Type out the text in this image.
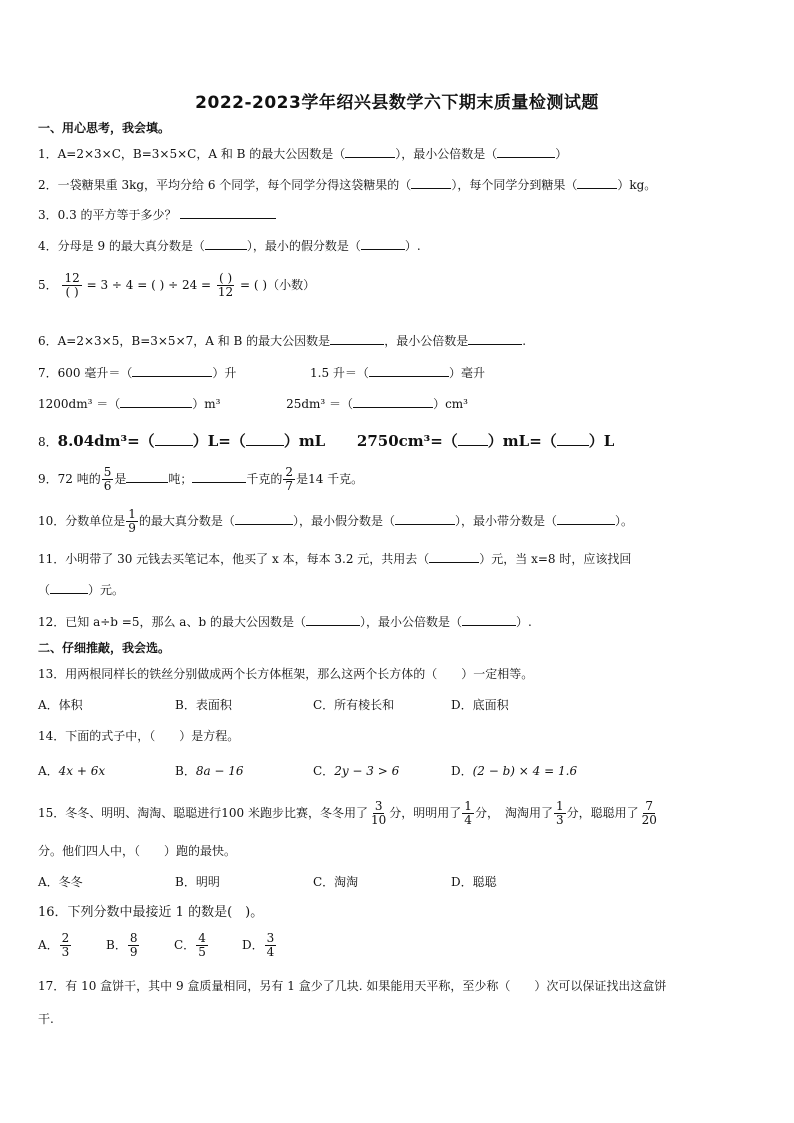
2022-2023学年绍兴县数学六下期末质量检测试题
一、用心思考，我会填。
1．A=2×3×C，B=3×5×C，A 和 B 的最大公因数是（	），最小公倍数是（	）
2．一袋糖果重 3kg，平均分给 6 个同学，每个同学分得这袋糖果的（	），每个同学分到糖果（	）kg。
3．0.3 的平方等于多少？
4．分母是 9 的最大真分数是（	），最小的假分数是（	）.
5． $\frac{12}{( )} = 3 \div 4$ = ( ) ÷ $24 = \frac{( )}{12}$ = ( )（小数）
6．A=2×3×5，B=3×5×7，A 和 B 的最大公因数是	，最小公倍数是	.
7．600 毫升＝（	）升	1.5 升＝（	）毫升
1200dm³ ＝（	）m³	25dm³ ＝（	）cm³
8．8.04dm³=（	）L=（	）mL 2750cm³=（ ）mL=（ ）L
9．72 吨的 $\frac{5}{6}$ 是	吨；	千克的 $\frac{2}{7}$ 是14 千克。
10．分数单位是 $\frac{1}{9}$ 的最大真分数是（	），最小假分数是（	），最小带分数是（	）。
11．小明带了 30 元钱去买笔记本，他买了 x 本，每本 3.2 元，共用去（	）元，当 x=8 时，应该找回
（	）元。
12．已知 a÷b =5，那么 a、b 的最大公因数是（	），最小公倍数是（	）.
二、仔细推敲，我会选。
13．用两根同样长的铁丝分别做成两个长方体框架，那么这两个长方体的（　　）一定相等。
A．体积	B．表面积	C．所有棱长和	D．底面积
14．下面的式子中，（　　）是方程。
A．4x + 6x	B．8a − 16	C．2y − 3 > 6	D．(2 − b) × 4 = 1.6
15．冬冬、明明、淘淘、聪聪进行100 米跑步比赛，冬冬用了 $\frac{3}{10}$ 分，明明用了 $\frac{1}{4}$ 分，　淘淘用了 $\frac{1}{3}$ 分，聪聪用了 $\frac{7}{20}$
分。他们四人中，（　　）跑的最快。
A．冬冬	B．明明	C．淘淘	D．聪聪
16．下列分数中最接近 1 的数是(　)。
A． $\frac{2}{3}$	B． $\frac{8}{9}$	C． $\frac{4}{5}$	D． $\frac{3}{4}$
17．有 10 盒饼干，其中 9 盒质量相同，另有 1 盒少了几块. 如果能用天平称，至少称（　　）次可以保证找出这盒饼
干.
